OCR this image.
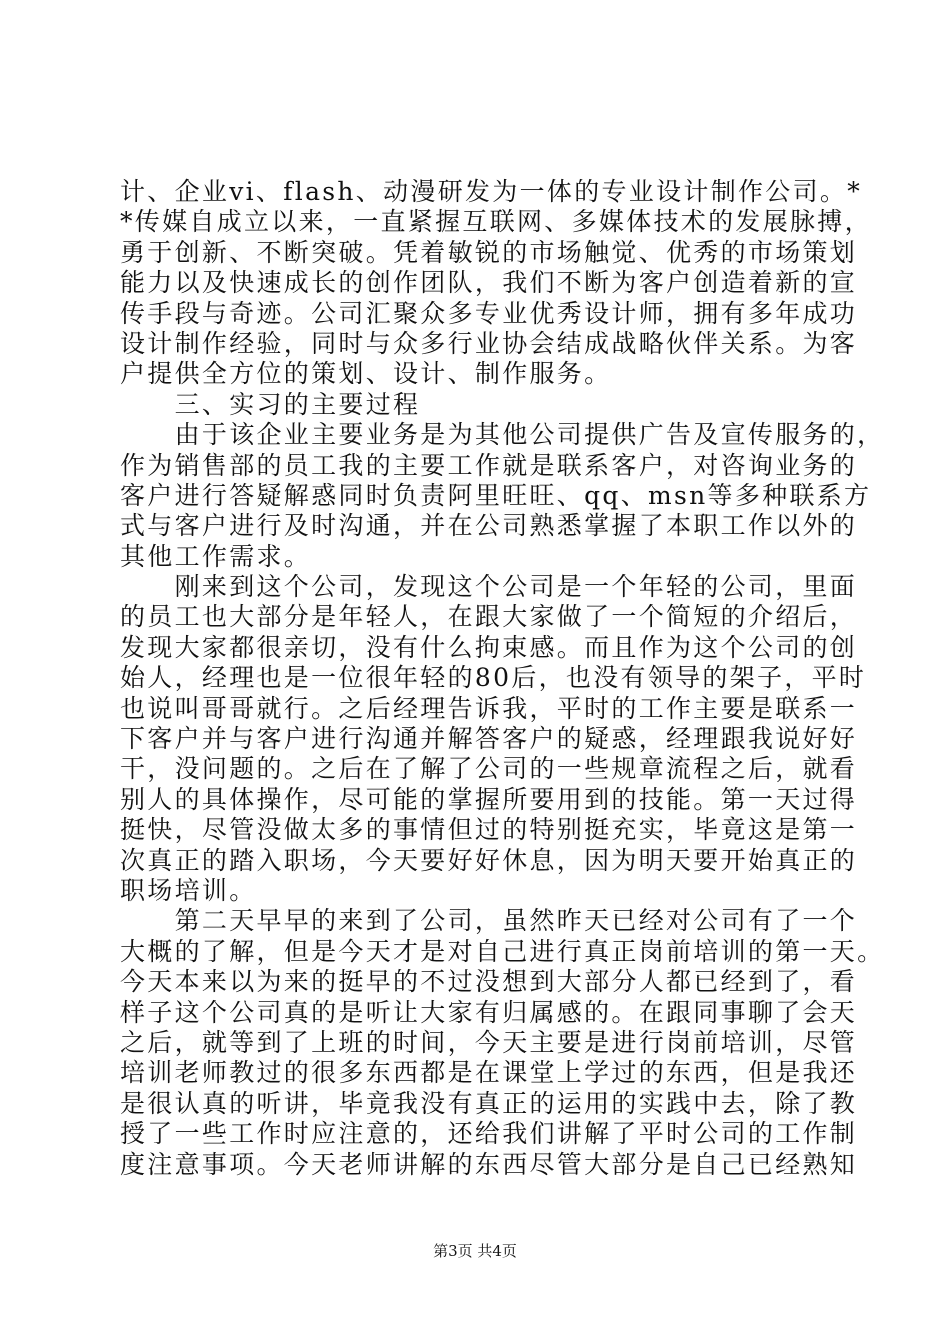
计、企业vi、flash、动漫研发为一体的专业设计制作公司。*
*传媒自成立以来，一直紧握互联网、多媒体技术的发展脉搏，
勇于创新、不断突破。凭着敏锐的市场触觉、优秀的市场策划
能力以及快速成长的创作团队，我们不断为客户创造着新的宣
传手段与奇迹。公司汇聚众多专业优秀设计师，拥有多年成功
设计制作经验，同时与众多行业协会结成战略伙伴关系。为客
户提供全方位的策划、设计、制作服务。
　　三、实习的主要过程
　　由于该企业主要业务是为其他公司提供广告及宣传服务的，
作为销售部的员工我的主要工作就是联系客户，对咨询业务的
客户进行答疑解惑同时负责阿里旺旺、qq、msn等多种联系方
式与客户进行及时沟通，并在公司熟悉掌握了本职工作以外的
其他工作需求。
　　刚来到这个公司，发现这个公司是一个年轻的公司，里面
的员工也大部分是年轻人，在跟大家做了一个简短的介绍后，
发现大家都很亲切，没有什么拘束感。而且作为这个公司的创
始人，经理也是一位很年轻的80后，也没有领导的架子，平时
也说叫哥哥就行。之后经理告诉我，平时的工作主要是联系一
下客户并与客户进行沟通并解答客户的疑惑，经理跟我说好好
干，没问题的。之后在了解了公司的一些规章流程之后，就看
别人的具体操作，尽可能的掌握所要用到的技能。第一天过得
挺快，尽管没做太多的事情但过的特别挺充实，毕竟这是第一
次真正的踏入职场，今天要好好休息，因为明天要开始真正的
职场培训。
　　第二天早早的来到了公司，虽然昨天已经对公司有了一个
大概的了解，但是今天才是对自己进行真正岗前培训的第一天。
今天本来以为来的挺早的不过没想到大部分人都已经到了，看
样子这个公司真的是听让大家有归属感的。在跟同事聊了会天
之后，就等到了上班的时间，今天主要是进行岗前培训，尽管
培训老师教过的很多东西都是在课堂上学过的东西，但是我还
是很认真的听讲，毕竟我没有真正的运用的实践中去，除了教
授了一些工作时应注意的，还给我们讲解了平时公司的工作制
度注意事项。今天老师讲解的东西尽管大部分是自己已经熟知
第3页 共4页
